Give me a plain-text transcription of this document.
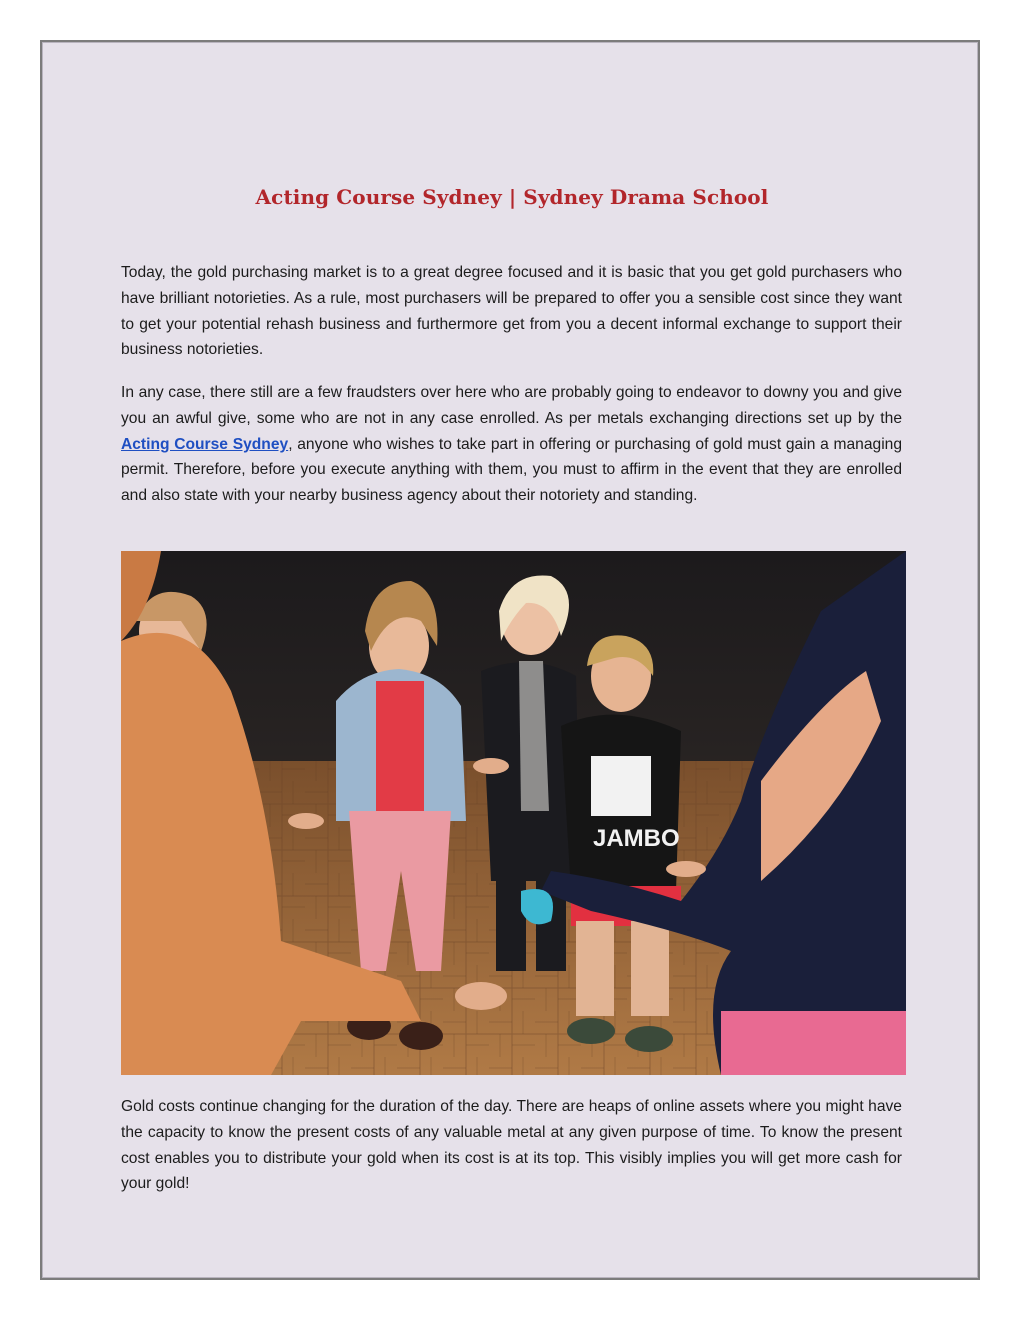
Acting Course Sydney | Sydney Drama School

Today, the gold purchasing market is to a great degree focused and it is basic that you get gold purchasers who have brilliant notorieties. As a rule, most purchasers will be prepared to offer you a sensible cost since they want to get your potential rehash business and furthermore get from you a decent informal exchange to support their business notorieties.

In any case, there still are a few fraudsters over here who are probably going to endeavor to downy you and give you an awful give, some who are not in any case enrolled. As per metals exchanging directions set up by the Acting Course Sydney, anyone who wishes to take part in offering or purchasing of gold must gain a managing permit. Therefore, before you execute anything with them, you must to affirm in the event that they are enrolled and also state with your nearby business agency about their notoriety and standing.

JAMBO

Gold costs continue changing for the duration of the day. There are heaps of online assets where you might have the capacity to know the present costs of any valuable metal at any given purpose of time. To know the present cost enables you to distribute your gold when its cost is at its top. This visibly implies you will get more cash for your gold!
